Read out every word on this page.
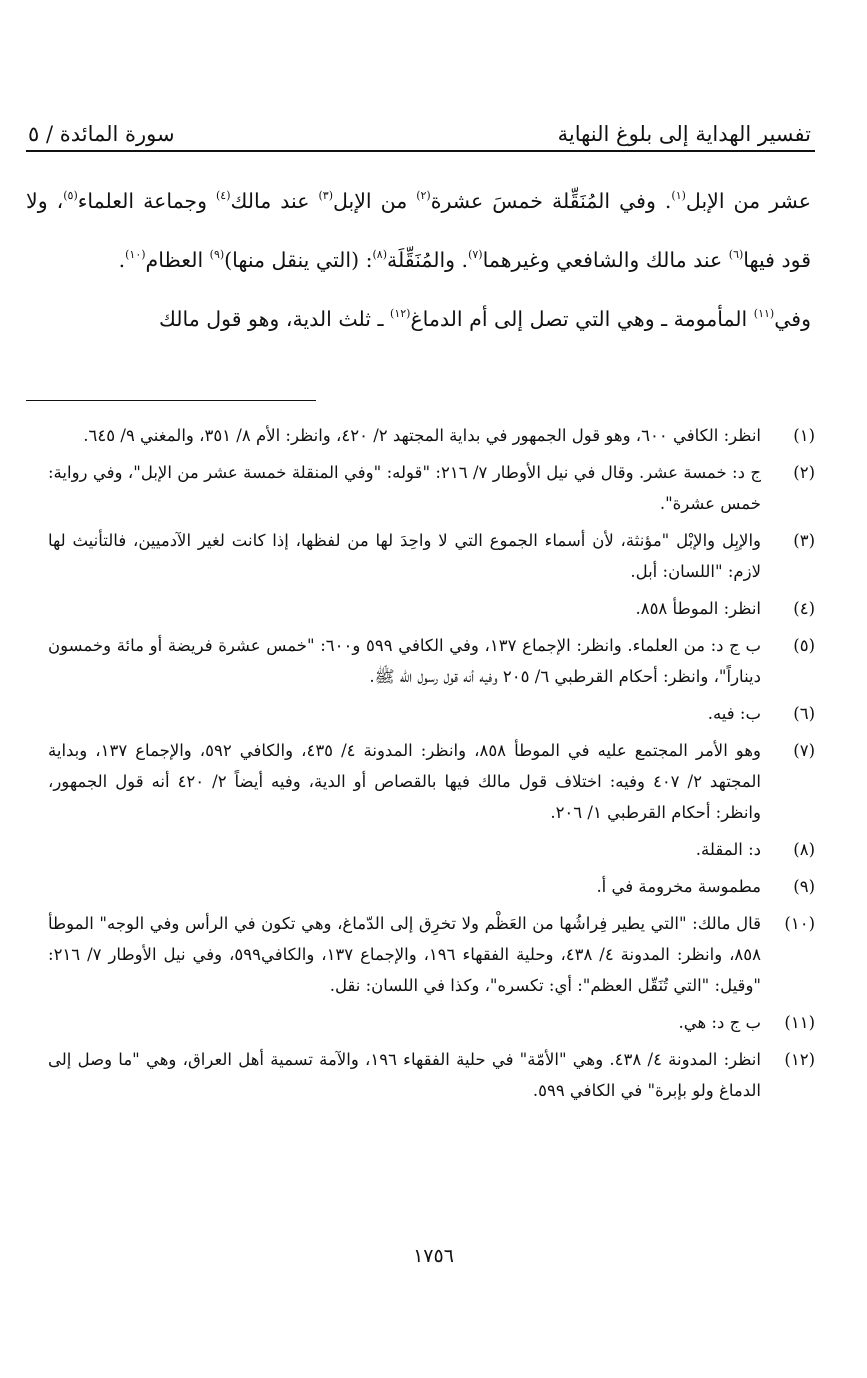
تفسير الهداية إلى بلوغ النهاية
سورة المائدة / ٥

عشر من الإبل$^{(١)}$. وفي المُنَقِّلة خمسَ عشرة$^{(٢)}$ من الإبل$^{(٣)}$ عند مالك$^{(٤)}$ وجماعة العلماء$^{(٥)}$، ولا قود فيها$^{(٦)}$ عند مالك والشافعي وغيرهما$^{(٧)}$. والمُنَقِّلَة$^{(٨)}$: (التي ينقل منها)$^{(٩)}$ العظام$^{(١٠)}$.

وفي$^{(١١)}$ المأمومة ـ وهي التي تصل إلى أم الدماغ$^{(١٢)}$ ـ ثلث الدية، وهو قول مالك

(١)
انظر: الكافي ٦٠٠، وهو قول الجمهور في بداية المجتهد ٢/ ٤٢٠، وانظر: الأم ٨/ ٣٥١، والمغني ٩/ ٦٤٥.
(٢)
ج د: خمسة عشر. وقال في نيل الأوطار ٧/ ٢١٦: "قوله: "وفي المنقلة خمسة عشر من الإبل"، وفي رواية: خمس عشرة".
(٣)
والإبِل والإبْل "مؤنثة، لأن أسماء الجموع التي لا واحِدَ لها من لفظها، إذا كانت لغير الآدميين، فالتأنيث لها لازم: "اللسان: أبل.
(٤)
انظر: الموطأ ٨٥٨.
(٥)
ب ج د: من العلماء. وانظر: الإجماع ١٣٧، وفي الكافي ٥٩٩ و٦٠٠: "خمس عشرة فريضة أو مائة وخمسون ديناراً"، وانظر: أحكام القرطبي ٦/ ٢٠٥ وفيه أنه قول رسول الله ﷺ.
(٦)
ب: فيه.
(٧)
وهو الأمر المجتمع عليه في الموطأ ٨٥٨، وانظر: المدونة ٤/ ٤٣٥، والكافي ٥٩٢، والإجماع ١٣٧، وبداية المجتهد ٢/ ٤٠٧ وفيه: اختلاف قول مالك فيها بالقصاص أو الدية، وفيه أيضاً ٢/ ٤٢٠ أنه قول الجمهور، وانظر: أحكام القرطبي ١/ ٢٠٦.
(٨)
د: المقلة.
(٩)
مطموسة مخرومة في أ.
(١٠)
قال مالك: "التي يطير فِراشُها من العَظْم ولا تخرِق إلى الدّماغ، وهي تكون في الرأس وفي الوجه" الموطأ ٨٥٨، وانظر: المدونة ٤/ ٤٣٨، وحلية الفقهاء ١٩٦، والإجماع ١٣٧، والكافي٥٩٩، وفي نيل الأوطار ٧/ ٢١٦: "وقيل: "التي تُنَقّل العظم": أي: تكسره"، وكذا في اللسان: نقل.
(١١)
ب ج د: هي.
(١٢)
انظر: المدونة ٤/ ٤٣٨. وهي "الأمّة" في حلية الفقهاء ١٩٦، والآمة تسمية أهل العراق، وهي "ما وصل إلى الدماغ ولو بإبرة" في الكافي ٥٩٩.
١٧٥٦
